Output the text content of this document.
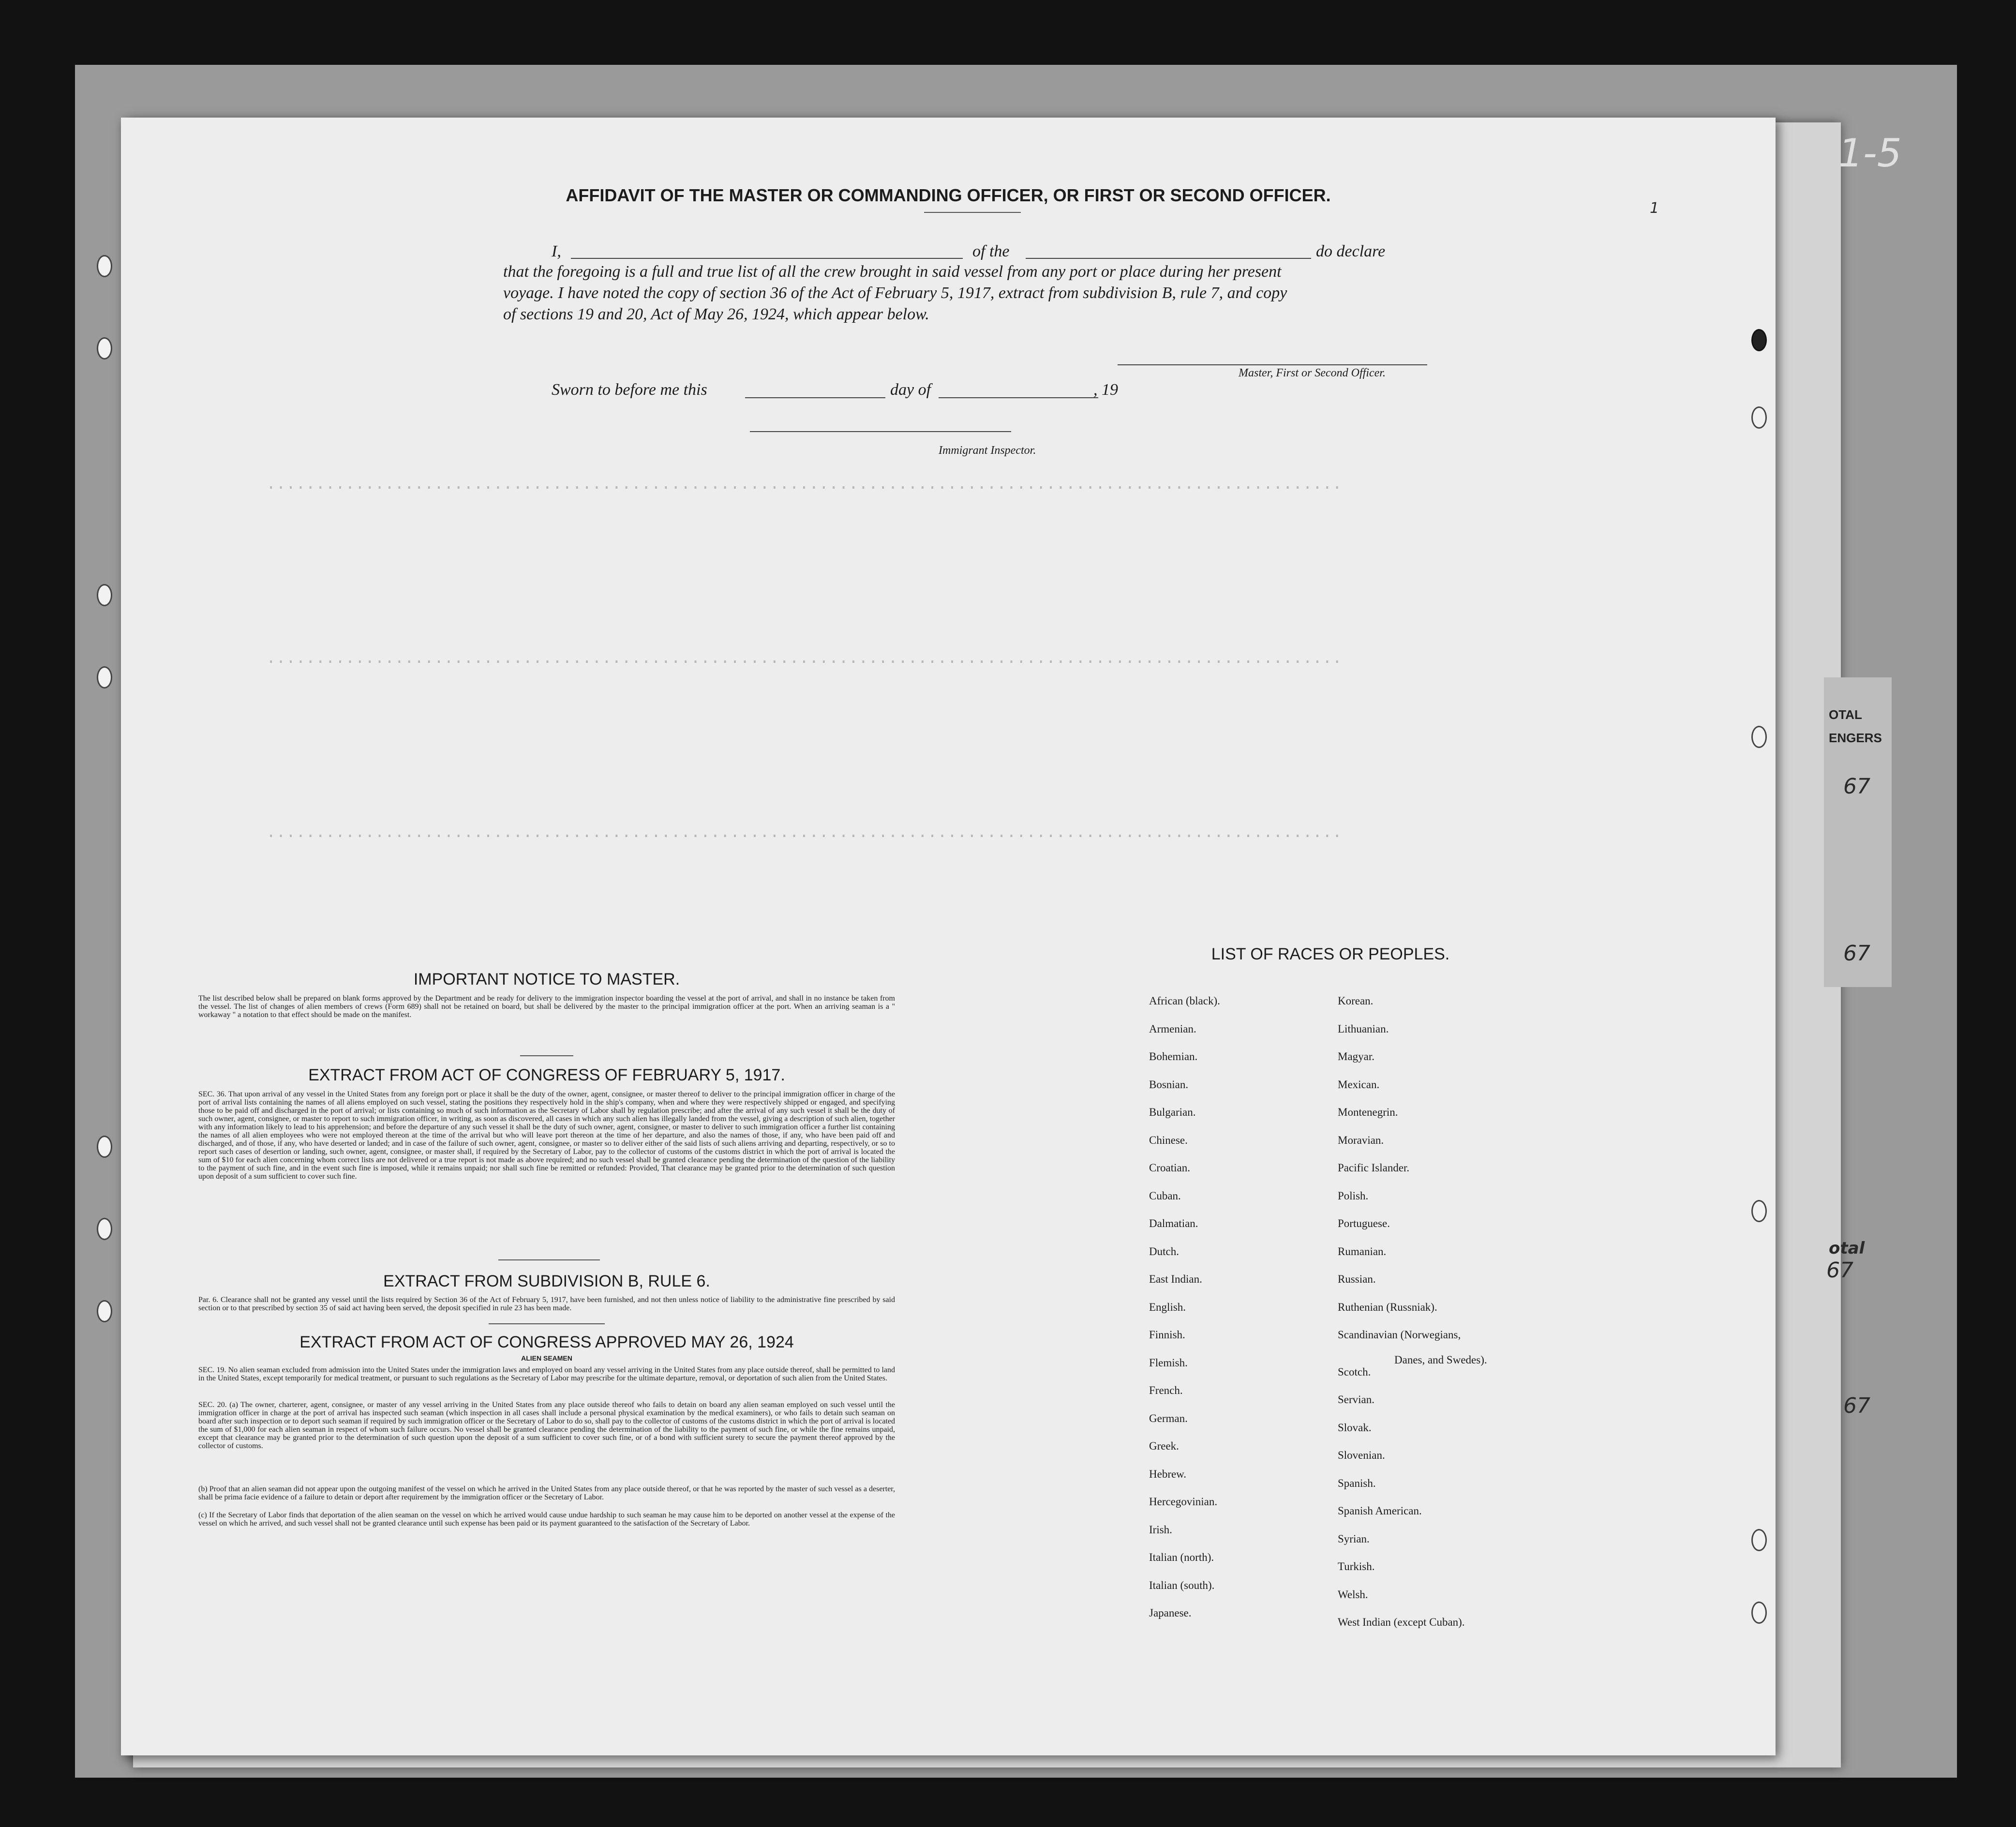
OTAL
ENGERS
67
67
otal
67
67
1-5
.............................................................................................................
.............................................................................................................
.............................................................................................................
1
AFFIDAVIT OF THE MASTER OR COMMANDING OFFICER, OR FIRST OR SECOND OFFICER.
I,	of the	do declare
that the foregoing is a full and true list of all the crew brought in said vessel from any port or place during her present
voyage. I have noted the copy of section 36 of the Act of February 5, 1917, extract from subdivision B, rule 7, and copy
of sections 19 and 20, Act of May 26, 1924, which appear below.
Master, First or Second Officer.
Sworn to before me this	day of	, 19
Immigrant Inspector.
IMPORTANT NOTICE TO MASTER.
The list described below shall be prepared on blank forms approved by the Department and be ready for delivery to the immigration inspector boarding the vessel at the port of arrival, and shall in no instance be taken from the vessel. The list of changes of alien members of crews (Form 689) shall not be retained on board, but shall be delivered by the master to the principal immigration officer at the port. When an arriving seaman is a " workaway " a notation to that effect should be made on the manifest.
EXTRACT FROM ACT OF CONGRESS OF FEBRUARY 5, 1917.
SEC. 36. That upon arrival of any vessel in the United States from any foreign port or place it shall be the duty of the owner, agent, consignee, or master thereof to deliver to the principal immigration officer in charge of the port of arrival lists containing the names of all aliens employed on such vessel, stating the positions they respectively hold in the ship's company, when and where they were respectively shipped or engaged, and specifying those to be paid off and discharged in the port of arrival; or lists containing so much of such information as the Secretary of Labor shall by regulation prescribe; and after the arrival of any such vessel it shall be the duty of such owner, agent, consignee, or master to report to such immigration officer, in writing, as soon as discovered, all cases in which any such alien has illegally landed from the vessel, giving a description of such alien, together with any information likely to lead to his apprehension; and before the departure of any such vessel it shall be the duty of such owner, agent, consignee, or master to deliver to such immigration officer a further list containing the names of all alien employees who were not employed thereon at the time of the arrival but who will leave port thereon at the time of her departure, and also the names of those, if any, who have been paid off and discharged, and of those, if any, who have deserted or landed; and in case of the failure of such owner, agent, consignee, or master so to deliver either of the said lists of such aliens arriving and departing, respectively, or so to report such cases of desertion or landing, such owner, agent, consignee, or master shall, if required by the Secretary of Labor, pay to the collector of customs of the customs district in which the port of arrival is located the sum of $10 for each alien concerning whom correct lists are not delivered or a true report is not made as above required; and no such vessel shall be granted clearance pending the determination of the question of the liability to the payment of such fine, and in the event such fine is imposed, while it remains unpaid; nor shall such fine be remitted or refunded: Provided, That clearance may be granted prior to the determination of such question upon deposit of a sum sufficient to cover such fine.
EXTRACT FROM SUBDIVISION B, RULE 6.
Par. 6. Clearance shall not be granted any vessel until the lists required by Section 36 of the Act of February 5, 1917, have been furnished, and not then unless notice of liability to the administrative fine prescribed by said section or to that prescribed by section 35 of said act having been served, the deposit specified in rule 23 has been made.
EXTRACT FROM ACT OF CONGRESS APPROVED MAY 26, 1924
ALIEN SEAMEN
SEC. 19. No alien seaman excluded from admission into the United States under the immigration laws and employed on board any vessel arriving in the United States from any place outside thereof, shall be permitted to land in the United States, except temporarily for medical treatment, or pursuant to such regulations as the Secretary of Labor may prescribe for the ultimate departure, removal, or deportation of such alien from the United States.
SEC. 20. (a) The owner, charterer, agent, consignee, or master of any vessel arriving in the United States from any place outside thereof who fails to detain on board any alien seaman employed on such vessel until the immigration officer in charge at the port of arrival has inspected such seaman (which inspection in all cases shall include a personal physical examination by the medical examiners), or who fails to detain such seaman on board after such inspection or to deport such seaman if required by such immigration officer or the Secretary of Labor to do so, shall pay to the collector of customs of the customs district in which the port of arrival is located the sum of $1,000 for each alien seaman in respect of whom such failure occurs. No vessel shall be granted clearance pending the determination of the liability to the payment of such fine, or while the fine remains unpaid, except that clearance may be granted prior to the determination of such question upon the deposit of a sum sufficient to cover such fine, or of a bond with sufficient surety to secure the payment thereof approved by the collector of customs.
(b) Proof that an alien seaman did not appear upon the outgoing manifest of the vessel on which he arrived in the United States from any place outside thereof, or that he was reported by the master of such vessel as a deserter, shall be prima facie evidence of a failure to detain or deport after requirement by the immigration officer or the Secretary of Labor.
(c) If the Secretary of Labor finds that deportation of the alien seaman on the vessel on which he arrived would cause undue hardship to such seaman he may cause him to be deported on another vessel at the expense of the vessel on which he arrived, and such vessel shall not be granted clearance until such expense has been paid or its payment guaranteed to the satisfaction of the Secretary of Labor.
LIST OF RACES OR PEOPLES.
Danes, and Swedes).
African (black).
Armenian.
Bohemian.
Bosnian.
Bulgarian.
Chinese.
Croatian.
Cuban.
Dalmatian.
Dutch.
East Indian.
English.
Finnish.
Flemish.
French.
German.
Greek.
Hebrew.
Hercegovinian.
Irish.
Italian (north).
Italian (south).
Japanese.
Korean.
Lithuanian.
Magyar.
Mexican.
Montenegrin.
Moravian.
Pacific Islander.
Polish.
Portuguese.
Rumanian.
Russian.
Ruthenian (Russniak).
Scandinavian (Norwegians,
Scotch.
Servian.
Slovak.
Slovenian.
Spanish.
Spanish American.
Syrian.
Turkish.
Welsh.
West Indian (except Cuban).
